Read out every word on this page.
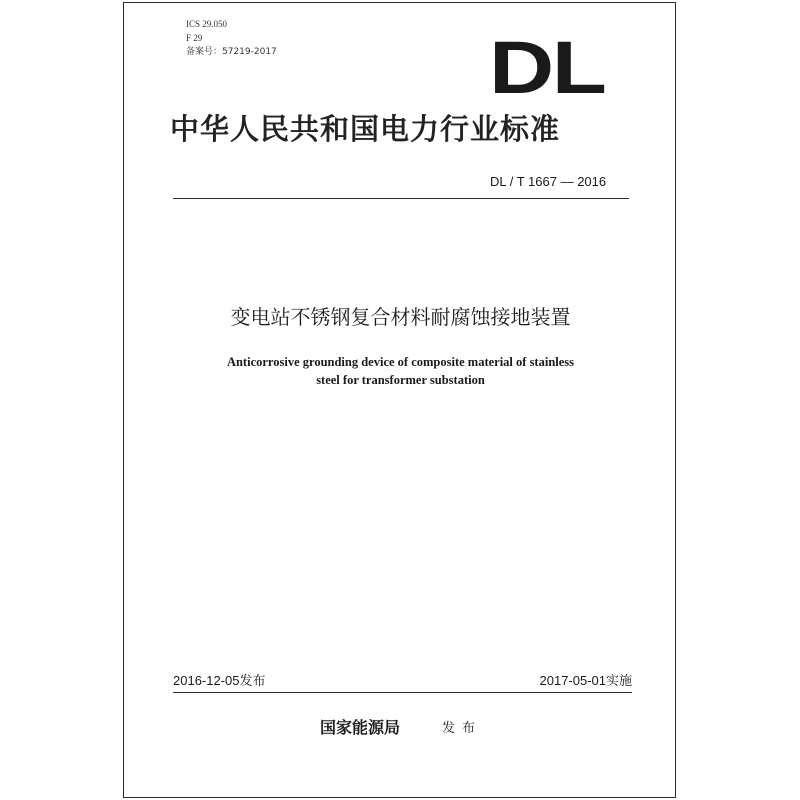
ICS 29.050
F 29
备案号：57219-2017	DL
中华人民共和国电力行业标准
DL / T 1667 — 2016
变电站不锈钢复合材料耐腐蚀接地装置
Anticorrosive grounding device of composite material of stainless
steel for transformer substation
2016-12-05发布	2017-05-01实施
国家能源局	发布
